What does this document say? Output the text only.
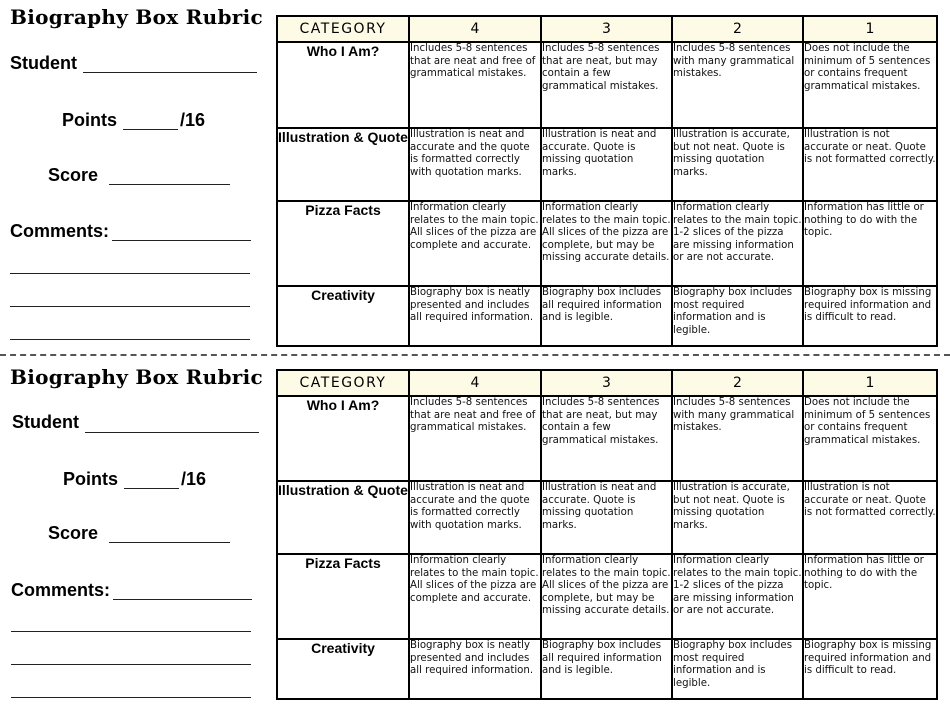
Biography Box Rubric
Student
Points	/16
Score
Comments:
CATEGORY	4	3	2	1
Who I Am?	Includes 5-8 sentences that are neat and free of grammatical mistakes.	Includes 5-8 sentences that are neat, but may contain a few grammatical mistakes.	Includes 5-8 sentences with many grammatical mistakes.	Does not include the minimum of 5 sentences or contains frequent grammatical mistakes.
Illustration & Quote	Illustration is neat and accurate and the quote is formatted correctly with quotation marks.	Illustration is neat and accurate. Quote is missing quotation marks.	Illustration is accurate, but not neat. Quote is missing quotation marks.	Illustration is not accurate or neat. Quote is not formatted correctly.
Pizza Facts	Information clearly relates to the main topic. All slices of the pizza are complete and accurate.	Information clearly relates to the main topic. All slices of the pizza are complete, but may be missing accurate details.	Information clearly relates to the main topic. 1-2 slices of the pizza are missing information or are not accurate.	Information has little or nothing to do with the topic.
Creativity	Biography box is neatly presented and includes all required information.	Biography box includes all required information and is legible.	Biography box includes most required information and is legible.	Biography box is missing required information and is difficult to read.
Biography Box Rubric
Student
Points	/16
Score
Comments:
CATEGORY	4	3	2	1
Who I Am?	Includes 5-8 sentences that are neat and free of grammatical mistakes.	Includes 5-8 sentences that are neat, but may contain a few grammatical mistakes.	Includes 5-8 sentences with many grammatical mistakes.	Does not include the minimum of 5 sentences or contains frequent grammatical mistakes.
Illustration & Quote	Illustration is neat and accurate and the quote is formatted correctly with quotation marks.	Illustration is neat and accurate. Quote is missing quotation marks.	Illustration is accurate, but not neat. Quote is missing quotation marks.	Illustration is not accurate or neat. Quote is not formatted correctly.
Pizza Facts	Information clearly relates to the main topic. All slices of the pizza are complete and accurate.	Information clearly relates to the main topic. All slices of the pizza are complete, but may be missing accurate details.	Information clearly relates to the main topic. 1-2 slices of the pizza are missing information or are not accurate.	Information has little or nothing to do with the topic.
Creativity	Biography box is neatly presented and includes all required information.	Biography box includes all required information and is legible.	Biography box includes most required information and is legible.	Biography box is missing required information and is difficult to read.
